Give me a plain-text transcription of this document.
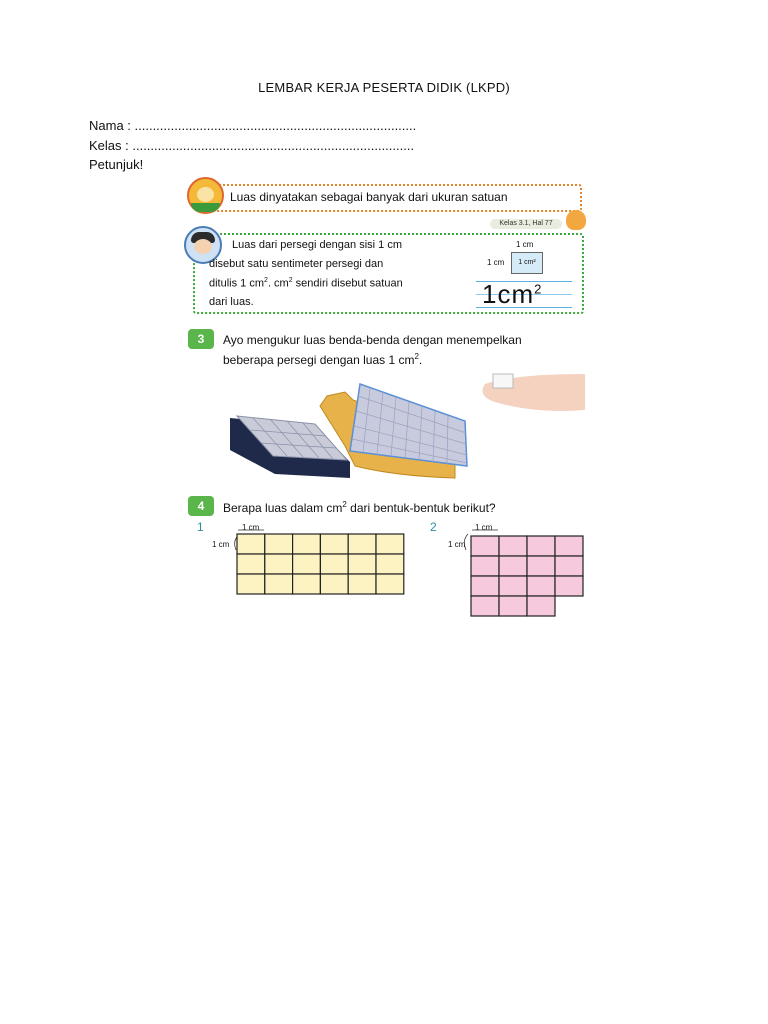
LEMBAR KERJA PESERTA DIDIK (LKPD)
Nama : ..............................................................................
Kelas : ..............................................................................
Petunjuk!
Luas dinyatakan sebagai banyak dari ukuran satuan
Kelas 3.1, Hal 77
Luas dari persegi dengan sisi 1 cm
disebut satu sentimeter persegi dan
ditulis 1 $cm^2$. $cm^2$ sendiri disebut satuan
dari luas.
1 cm
1 cm	1 cm²
$1cm^2$
3	Ayo mengukur luas benda-benda dengan menempelkan
beberapa persegi dengan luas 1 $cm^2$.
4	Berapa luas dalam $cm^2$ dari bentuk-bentuk berikut?
1	1 cm
1 cm
2	1 cm
1 cm
